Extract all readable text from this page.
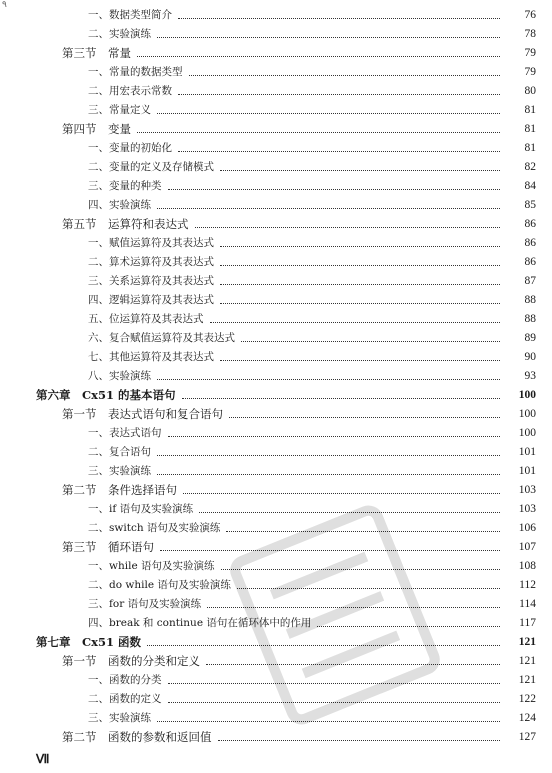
٩
一、数据类型简介	76
二、实验演练	78
第三节　常量	79
一、常量的数据类型	79
二、用宏表示常数	80
三、常量定义	81
第四节　变量	81
一、变量的初始化	81
二、变量的定义及存储模式	82
三、变量的种类	84
四、实验演练	85
第五节　运算符和表达式	86
一、赋值运算符及其表达式	86
二、算术运算符及其表达式	86
三、关系运算符及其表达式	87
四、逻辑运算符及其表达式	88
五、位运算符及其表达式	88
六、复合赋值运算符及其表达式	89
七、其他运算符及其表达式	90
八、实验演练	93
第六章　Cx51 的基本语句	100
第一节　表达式语句和复合语句	100
一、表达式语句	100
二、复合语句	101
三、实验演练	101
第二节　条件选择语句	103
一、if 语句及实验演练	103
二、switch 语句及实验演练	106
第三节　循环语句	107
一、while 语句及实验演练	108
二、do while 语句及实验演练	112
三、for 语句及实验演练	114
四、break 和 continue 语句在循环体中的作用	117
第七章　Cx51 函数	121
第一节　函数的分类和定义	121
一、函数的分类	121
二、函数的定义	122
三、实验演练	124
第二节　函数的参数和返回值	127
Ⅶ
